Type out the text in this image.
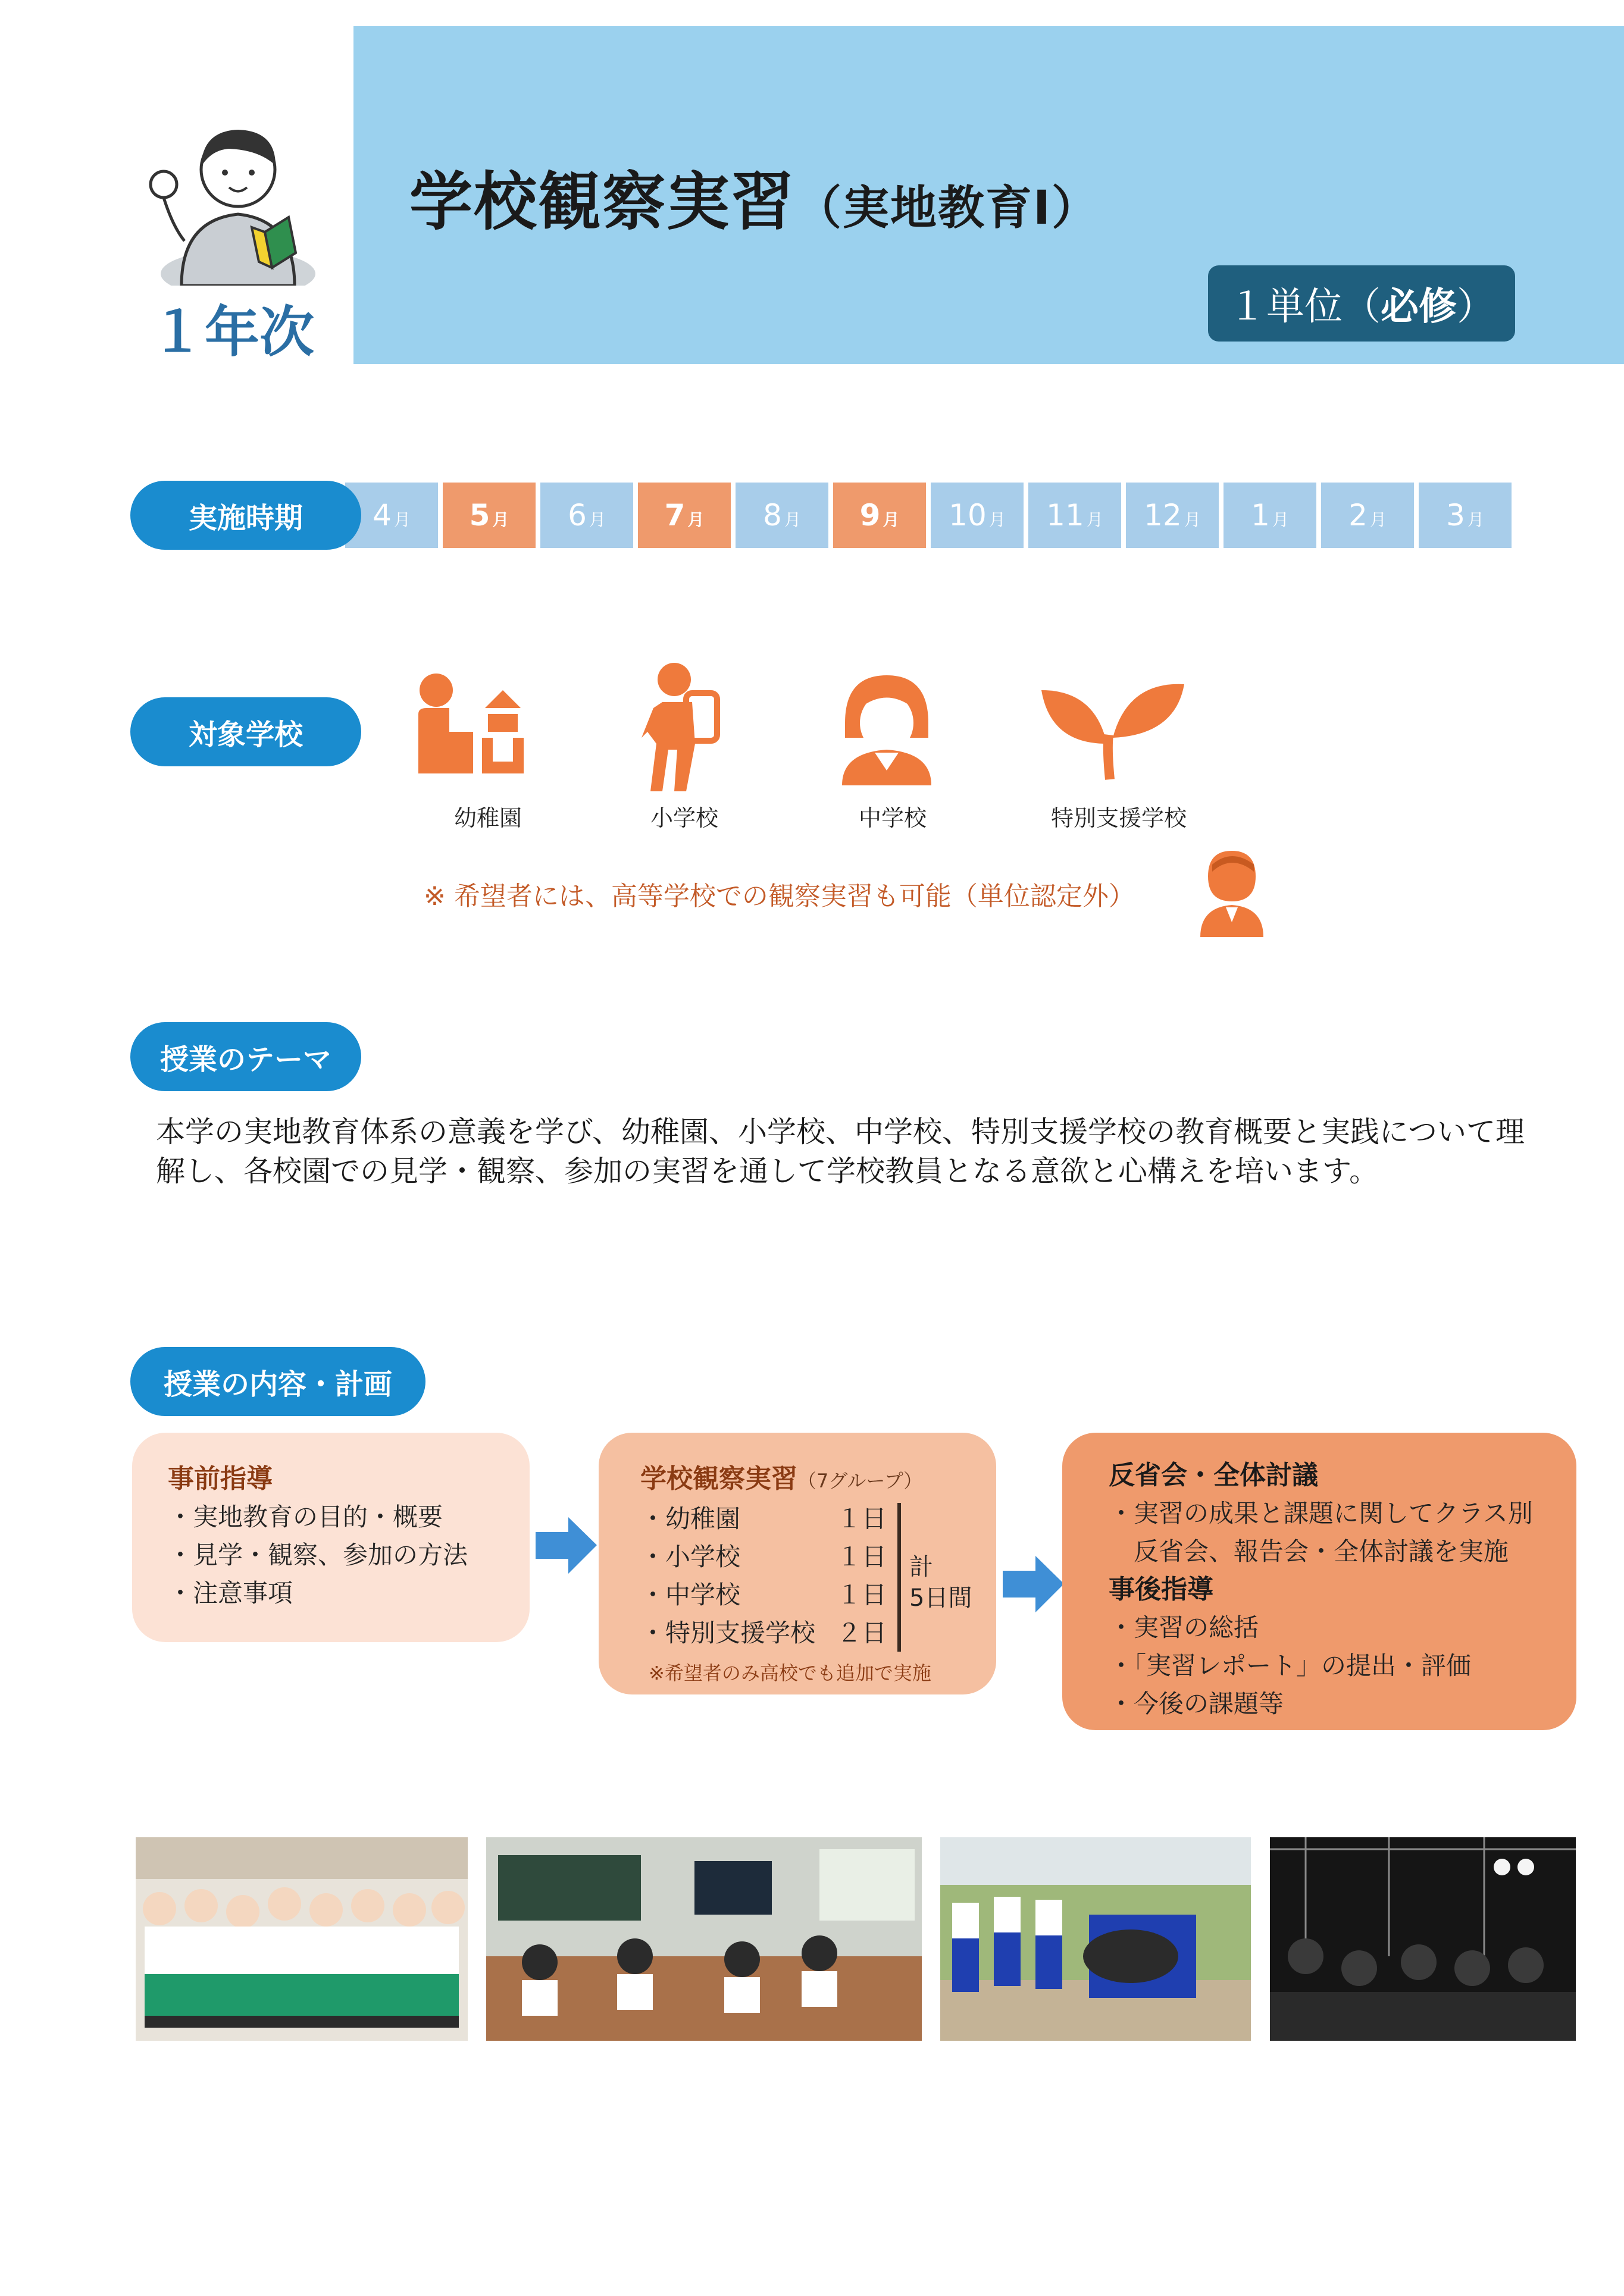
１年次
学校観察実習（実地教育Ⅰ）
１単位（ 必修 ）
実施時期	4 月 5 月 6 月 7 月 8 月 9 月 10 月 11 月 12 月 1 月 2 月 3 月
対象学校
幼稚園	小学校	中学校	特別支援学校
※ 希望者には、高等学校での観察実習も可能（単位認定外）
授業のテーマ
本学の実地教育体系の意義を学び、幼稚園、小学校、中学校、特別支援学校の教育概要と実践について理解し、各校園での見学・観察、参加の実習を通して学校教員となる意欲と心構えを培います。
授業の内容・計画
事前指導
・実地教育の目的・概要
・見学・観察、参加の方法
・注意事項
学校観察実習（7グループ）
・幼稚園	１日
・小学校	１日
・中学校	１日
・特別支援学校 ２日
計
5日間
※希望者のみ高校でも追加で実施
反省会・全体討議
・実習の成果と課題に関してクラス別
　反省会、報告会・全体討議を実施
事後指導
・実習の総括
・「実習レポート」の提出・評価
・今後の課題等
